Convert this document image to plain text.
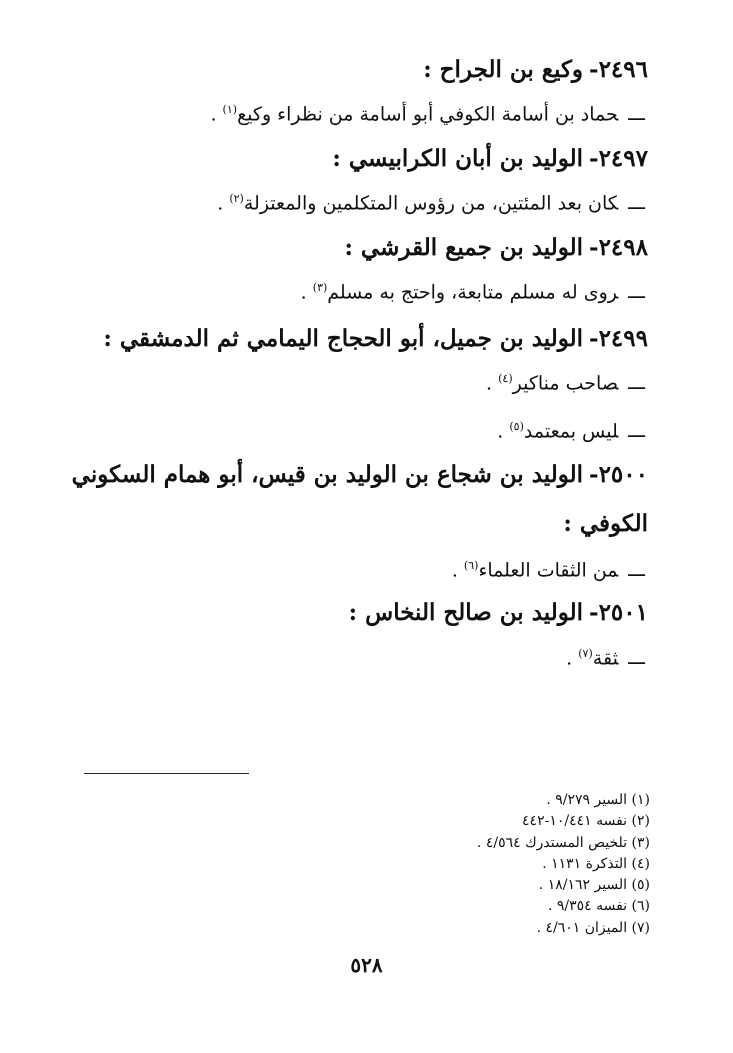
٢٤٩٦-وكيع بن الجراح :
ـــحماد بن أسامة الكوفي أبو أسامة من نظراء وكيع$^{(١)}$ .
٢٤٩٧-الوليد بن أبان الكرابيسي :
ـــكان بعد المئتين، من رؤوس المتكلمين والمعتزلة$^{(٢)}$ .
٢٤٩٨-الوليد بن جميع القرشي :
ـــروى له مسلم متابعة، واحتج به مسلم$^{(٣)}$ .
٢٤٩٩-الوليد بن جميل، أبو الحجاج اليمامي ثم الدمشقي :
ـــصاحب مناكير$^{(٤)}$ .
ـــليس بمعتمد$^{(٥)}$ .
٢٥٠٠-الوليد بن شجاع بن الوليد بن قيس، أبو همام السكوني
الكوفي :
ـــمن الثقات العلماء$^{(٦)}$ .
٢٥٠١-الوليد بن صالح النخاس :
ـــثقة$^{(٧)}$ .
(١) السير ٩/٢٧٩ .
(٢) نفسه ١٠/٤٤١-٤٤٢
(٣) تلخيص المستدرك ٤/٥٦٤ .
(٤) التذكرة ١١٣١ .
(٥) السير ١٨/١٦٢ .
(٦) نفسه ٩/٣٥٤ .
(٧) الميزان ٤/٦٠١ .
٥٢٨
